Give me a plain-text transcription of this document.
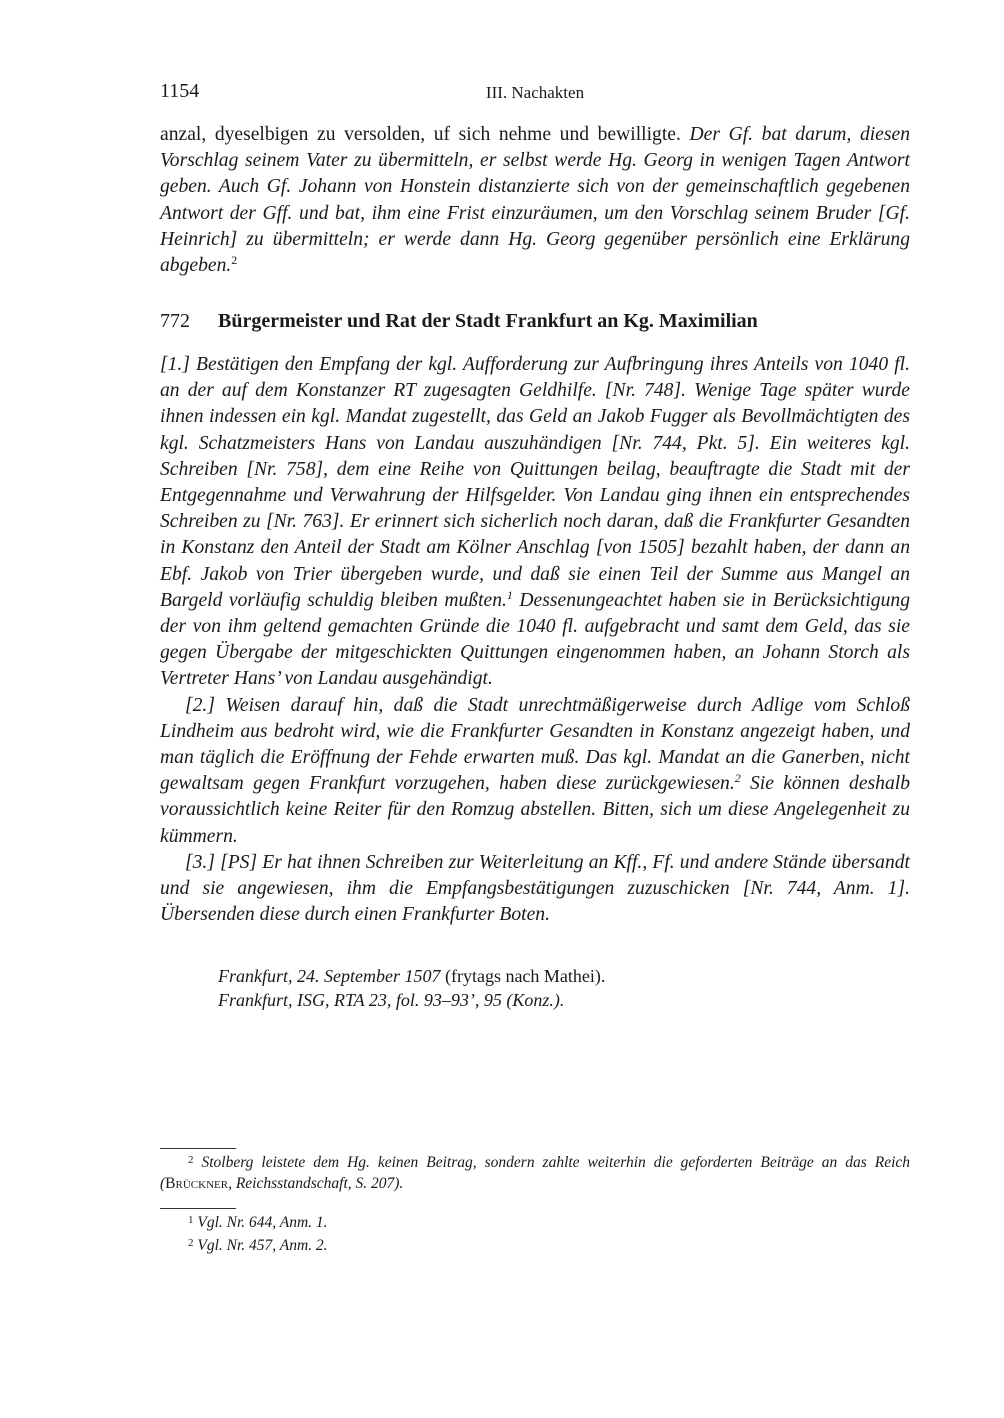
1154	III. Nachakten
anzal, dyeselbigen zu versolden, uf sich nehme und bewilligte. Der Gf. bat darum, diesen Vorschlag seinem Vater zu übermitteln, er selbst werde Hg. Georg in wenigen Tagen Antwort geben. Auch Gf. Johann von Honstein distanzierte sich von der gemeinschaftlich gegebenen Antwort der Gff. und bat, ihm eine Frist einzuräumen, um den Vorschlag seinem Bruder [Gf. Heinrich] zu übermitteln; er werde dann Hg. Georg gegenüber persönlich eine Erklärung abgeben.$^2$
772 Bürgermeister und Rat der Stadt Frankfurt an Kg. Maximilian

[1.] Bestätigen den Empfang der kgl. Aufforderung zur Aufbringung ihres Anteils von 1040 fl. an der auf dem Konstanzer RT zugesagten Geldhilfe. [Nr. 748]. Wenige Tage später wurde ihnen indessen ein kgl. Mandat zugestellt, das Geld an Jakob Fugger als Bevollmächtigten des kgl. Schatzmeisters Hans von Landau auszuhändigen [Nr. 744, Pkt. 5]. Ein weiteres kgl. Schreiben [Nr. 758], dem eine Reihe von Quittungen beilag, beauftragte die Stadt mit der Entgegennahme und Verwahrung der Hilfsgelder. Von Landau ging ihnen ein entsprechendes Schreiben zu [Nr. 763]. Er erinnert sich sicherlich noch daran, daß die Frankfurter Gesandten in Konstanz den Anteil der Stadt am Kölner Anschlag [von 1505] bezahlt haben, der dann an Ebf. Jakob von Trier übergeben wurde, und daß sie einen Teil der Summe aus Mangel an Bargeld vorläufig schuldig bleiben mußten.$^1$ Dessenungeachtet haben sie in Berücksichtigung der von ihm geltend gemachten Gründe die 1040 fl. aufgebracht und samt dem Geld, das sie gegen Übergabe der mitgeschickten Quittungen eingenommen haben, an Johann Storch als Vertreter Hans’ von Landau ausgehändigt.

[2.] Weisen darauf hin, daß die Stadt unrechtmäßigerweise durch Adlige vom Schloß Lindheim aus bedroht wird, wie die Frankfurter Gesandten in Konstanz angezeigt haben, und man täglich die Eröffnung der Fehde erwarten muß. Das kgl. Mandat an die Ganerben, nicht gewaltsam gegen Frankfurt vorzugehen, haben diese zurückgewiesen.$^2$ Sie können deshalb voraussichtlich keine Reiter für den Romzug abstellen. Bitten, sich um diese Angelegenheit zu kümmern.

[3.] [PS] Er hat ihnen Schreiben zur Weiterleitung an Kff., Ff. und andere Stände übersandt und sie angewiesen, ihm die Empfangsbestätigungen zuzuschicken [Nr. 744, Anm. 1]. Übersenden diese durch einen Frankfurter Boten.

Frankfurt, 24. September 1507 (frytags nach Mathei).
Frankfurt, ISG, RTA 23, fol. 93–93’, 95 (Konz.).
$^2$ Stolberg leistete dem Hg. keinen Beitrag, sondern zahlte weiterhin die geforderten Beiträge an das Reich (Brückner, Reichsstandschaft, S. 207).
$^1$ Vgl. Nr. 644, Anm. 1.
$^2$ Vgl. Nr. 457, Anm. 2.
